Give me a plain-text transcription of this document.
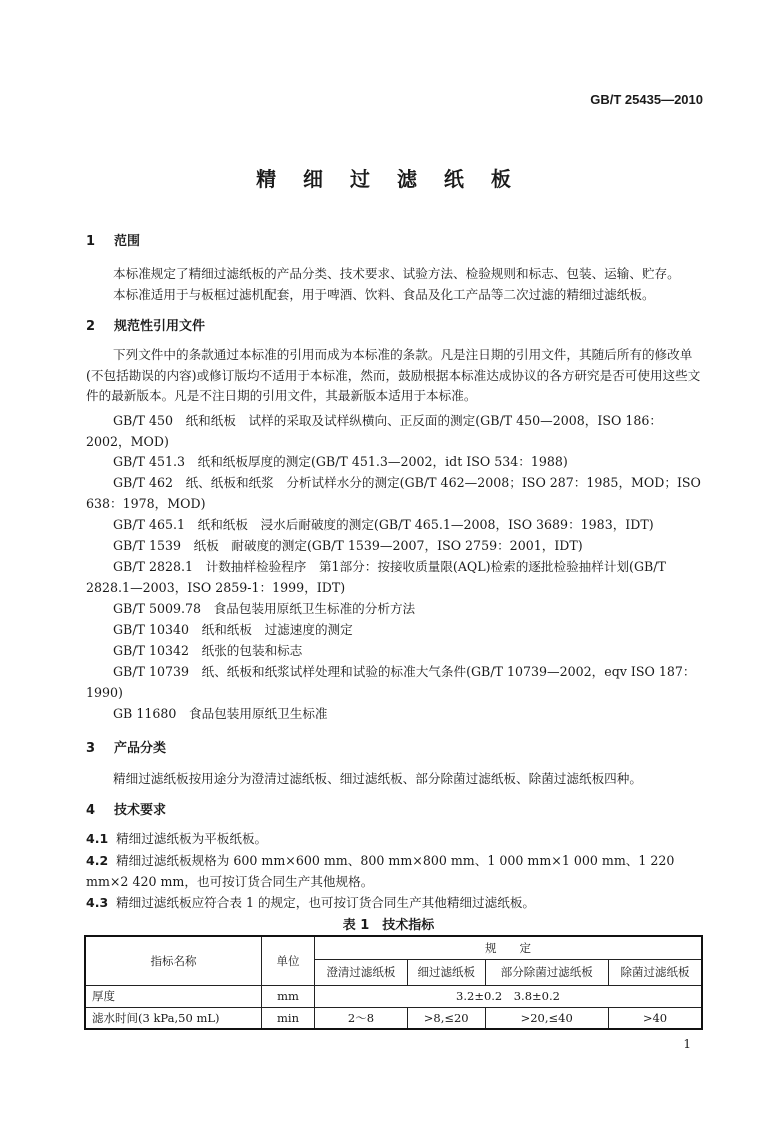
GB/T 25435—2010
精 细 过 滤 纸 板
1 范围
本标准规定了精细过滤纸板的产品分类、技术要求、试验方法、检验规则和标志、包装、运输、贮存。
本标准适用于与板框过滤机配套，用于啤酒、饮料、食品及化工产品等二次过滤的精细过滤纸板。
2 规范性引用文件
下列文件中的条款通过本标准的引用而成为本标准的条款。凡是注日期的引用文件，其随后所有的修改单(不包括勘误的内容)或修订版均不适用于本标准，然而，鼓励根据本标准达成协议的各方研究是否可使用这些文件的最新版本。凡是不注日期的引用文件，其最新版本适用于本标准。
GB/T 450　纸和纸板　试样的采取及试样纵横向、正反面的测定(GB/T 450—2008，ISO 186：2002，MOD)
GB/T 451.3　纸和纸板厚度的测定(GB/T 451.3—2002，idt ISO 534：1988)
GB/T 462　纸、纸板和纸浆　分析试样水分的测定(GB/T 462—2008；ISO 287：1985，MOD；ISO 638：1978，MOD)
GB/T 465.1　纸和纸板　浸水后耐破度的测定(GB/T 465.1—2008，ISO 3689：1983，IDT)
GB/T 1539　纸板　耐破度的测定(GB/T 1539—2007，ISO 2759：2001，IDT)
GB/T 2828.1　计数抽样检验程序　第1部分：按接收质量限(AQL)检索的逐批检验抽样计划(GB/T 2828.1—2003，ISO 2859-1：1999，IDT)
GB/T 5009.78　食品包装用原纸卫生标准的分析方法
GB/T 10340　纸和纸板　过滤速度的测定
GB/T 10342　纸张的包装和标志
GB/T 10739　纸、纸板和纸浆试样处理和试验的标准大气条件(GB/T 10739—2002，eqv ISO 187：1990)
GB 11680　食品包装用原纸卫生标准
3 产品分类
精细过滤纸板按用途分为澄清过滤纸板、细过滤纸板、部分除菌过滤纸板、除菌过滤纸板四种。
4 技术要求
4.1 精细过滤纸板为平板纸板。
4.2 精细过滤纸板规格为 600 mm×600 mm、800 mm×800 mm、1 000 mm×1 000 mm、1 220 mm×2 420 mm，也可按订货合同生产其他规格。
4.3 精细过滤纸板应符合表 1 的规定，也可按订货合同生产其他精细过滤纸板。
表 1　技术指标
指标名称	单位	规　　定			
		澄清过滤纸板	细过滤纸板	部分除菌过滤纸板	除菌过滤纸板
厚度	mm	3.2±0.2　3.8±0.2			
滤水时间(3 kPa,50 mL)	min	2～8	>8,≤20	>20,≤40	>40
1
